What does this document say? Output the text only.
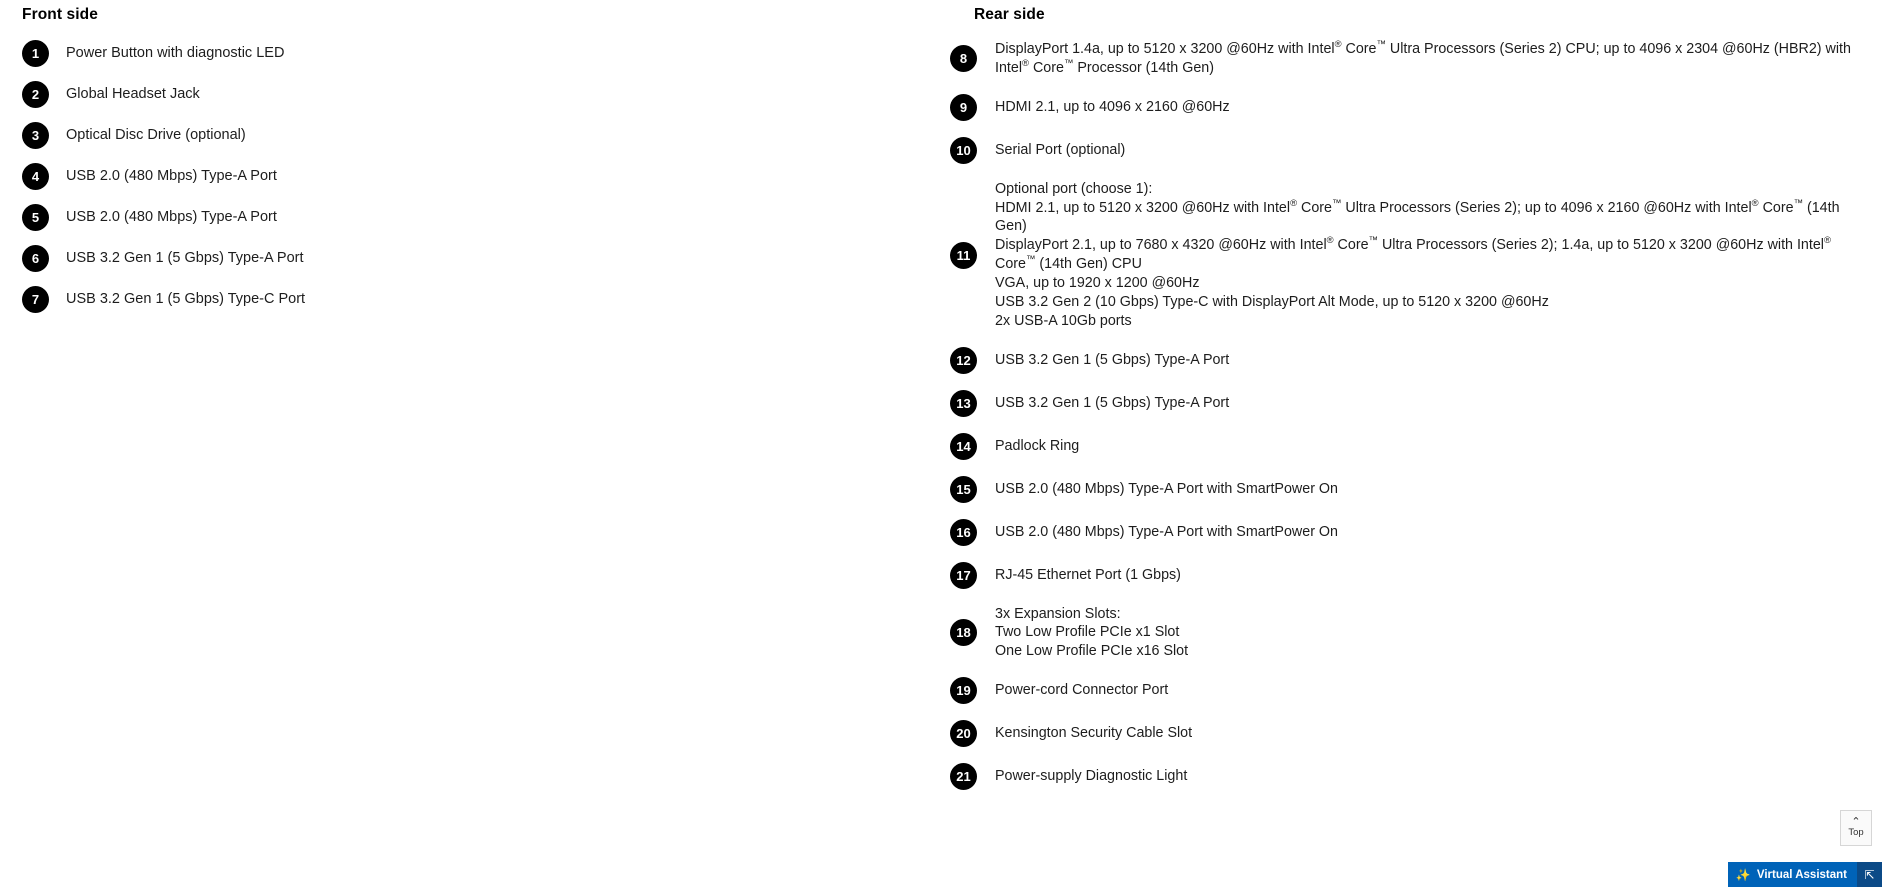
Front side
1	Power Button with diagnostic LED
2	Global Headset Jack
3	Optical Disc Drive (optional)
4	USB 2.0 (480 Mbps) Type-A Port
5	USB 2.0 (480 Mbps) Type-A Port
6	USB 3.2 Gen 1 (5 Gbps) Type-A Port
7	USB 3.2 Gen 1 (5 Gbps) Type-C Port
Rear side
8
DisplayPort 1.4a, up to 5120 x 3200 @60Hz with Intel® Core™ Ultra Processors (Series 2) CPU; up to 4096 x 2304 @60Hz (HBR2) with Intel® Core™ Processor (14th Gen)
9	HDMI 2.1, up to 4096 x 2160 @60Hz
10	Serial Port (optional)
11
Optional port (choose 1):
HDMI 2.1, up to 5120 x 3200 @60Hz with Intel® Core™ Ultra Processors (Series 2); up to 4096 x 2160 @60Hz with Intel® Core™ (14th Gen)
DisplayPort 2.1, up to 7680 x 4320 @60Hz with Intel® Core™ Ultra Processors (Series 2); 1.4a, up to 5120 x 3200 @60Hz with Intel® Core™ (14th Gen) CPU
VGA, up to 1920 x 1200 @60Hz
USB 3.2 Gen 2 (10 Gbps) Type-C with DisplayPort Alt Mode, up to 5120 x 3200 @60Hz
2x USB-A 10Gb ports
12	USB 3.2 Gen 1 (5 Gbps) Type-A Port
13	USB 3.2 Gen 1 (5 Gbps) Type-A Port
14	Padlock Ring
15	USB 2.0 (480 Mbps) Type-A Port with SmartPower On
16	USB 2.0 (480 Mbps) Type-A Port with SmartPower On
17	RJ-45 Ethernet Port (1 Gbps)
18
3x Expansion Slots:
Two Low Profile PCIe x1 Slot
One Low Profile PCIe x16 Slot
19	Power-cord Connector Port
20	Kensington Security Cable Slot
21	Power-supply Diagnostic Light
⌃
Top
✨ Virtual Assistant ⇱
